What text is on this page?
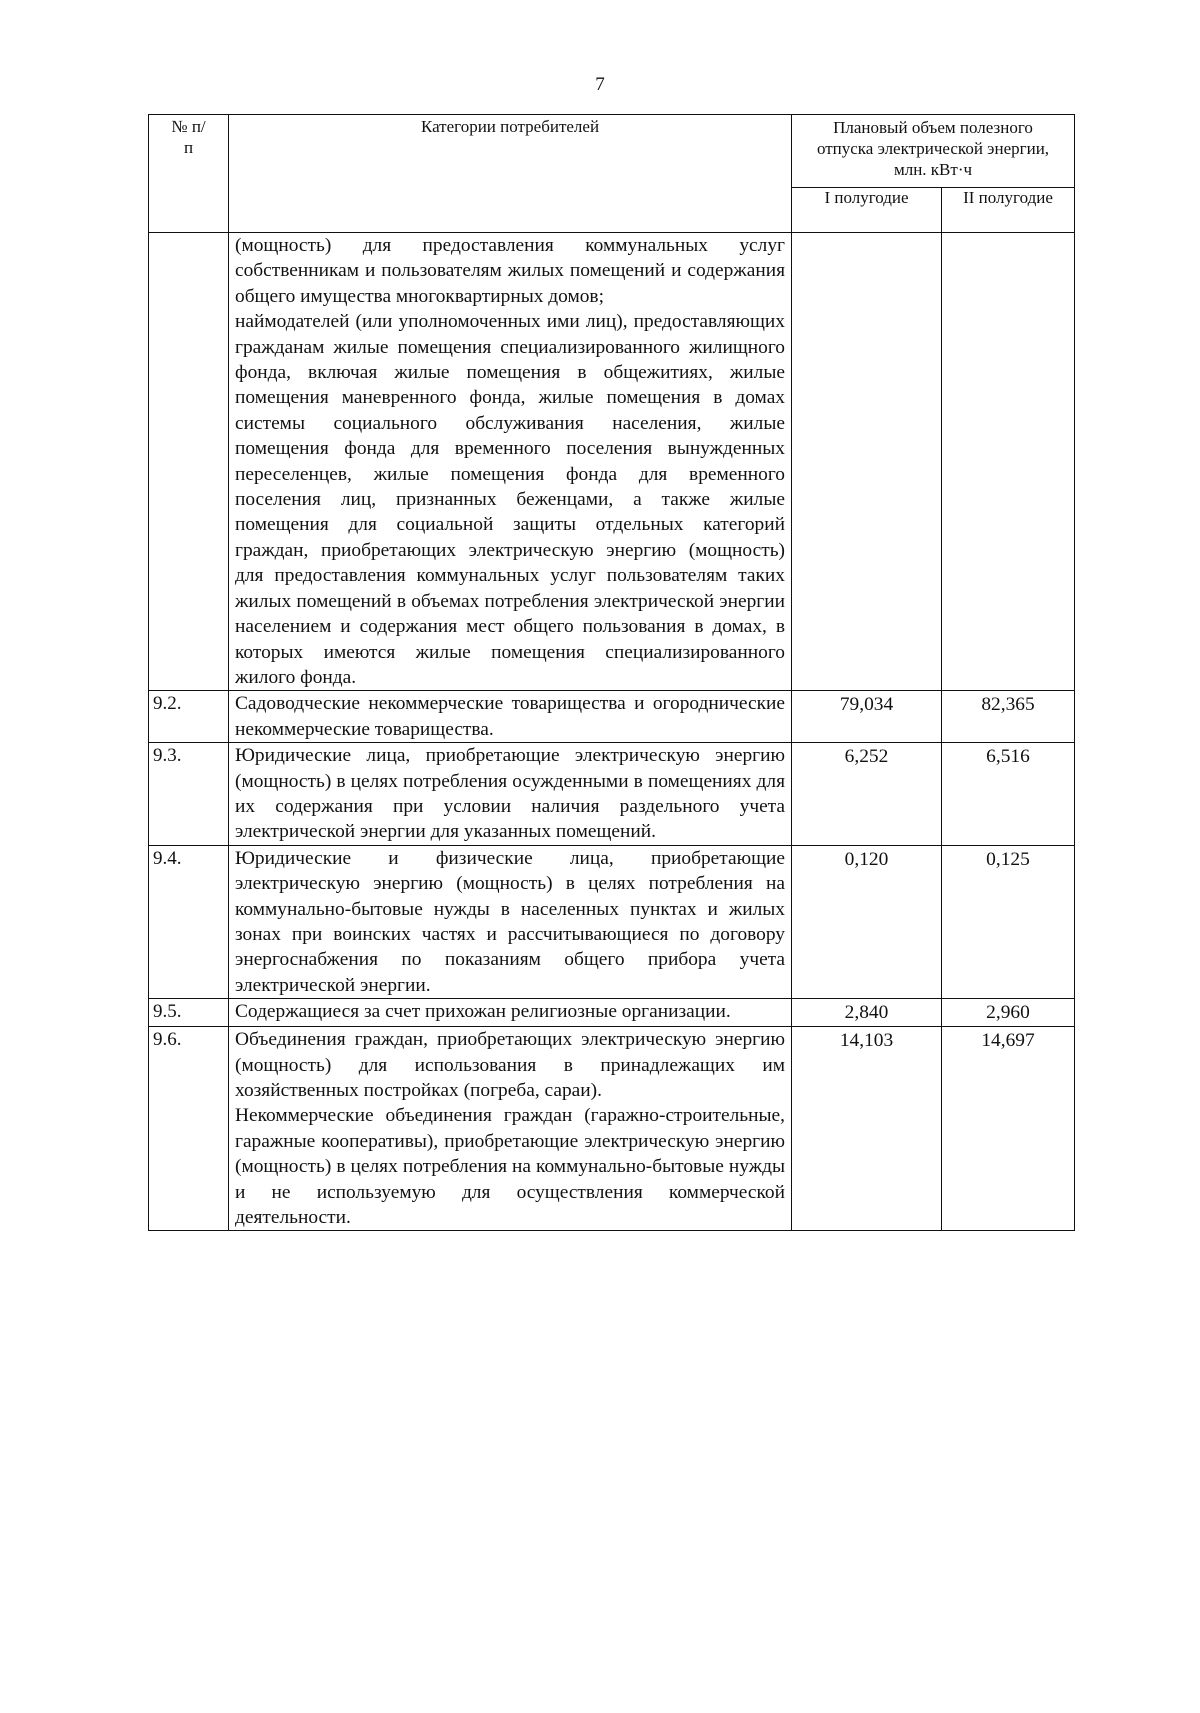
7
№ п/п	Категории потребителей	Плановый объем полезного отпуска электрической энергии, млн. кВт·ч	
		I полугодие	II полугодие

	(мощность) для предоставления коммунальных услуг собственникам и пользователям жилых помещений и содержания общего имущества многоквартирных домов;

наймодателей (или уполномоченных ими лиц), предоставляющих гражданам жилые помещения специализированного жилищного фонда, включая жилые помещения в общежитиях, жилые помещения маневренного фонда, жилые помещения в домах системы социального обслуживания населения, жилые помещения фонда для временного поселения вынужденных переселенцев, жилые помещения фонда для временного поселения лиц, признанных беженцами, а также жилые помещения для социальной защиты отдельных категорий граждан, приобретающих электрическую энергию (мощность) для предоставления коммунальных услуг пользователям таких жилых помещений в объемах потребления электрической энергии населением и содержания мест общего пользования в домах, в которых имеются жилые помещения специализированного жилого фонда.		

9.2.	Садоводческие некоммерческие товарищества и огороднические некоммерческие товарищества.	79,034	82,365
9.3.	Юридические лица, приобретающие электрическую энергию (мощность) в целях потребления осужденными в помещениях для их содержания при условии наличия раздельного учета электрической энергии для указанных помещений.	6,252	6,516
9.4.	Юридические и физические лица, приобретающие электрическую энергию (мощность) в целях потребления на коммунально-бытовые нужды в населенных пунктах и жилых зонах при воинских частях и рассчитывающиеся по договору энергоснабжения по показаниям общего прибора учета электрической энергии.	0,120	0,125
9.5.	Содержащиеся за счет прихожан религиозные организации.	2,840	2,960
9.6.	Объединения граждан, приобретающих электрическую энергию (мощность) для использования в принадлежащих им хозяйственных постройках (погреба, сараи).

Некоммерческие объединения граждан (гаражно-строительные, гаражные кооперативы), приобретающие электрическую энергию (мощность) в целях потребления на коммунально-бытовые нужды и не используемую для осуществления коммерческой деятельности.	14,103	14,697
